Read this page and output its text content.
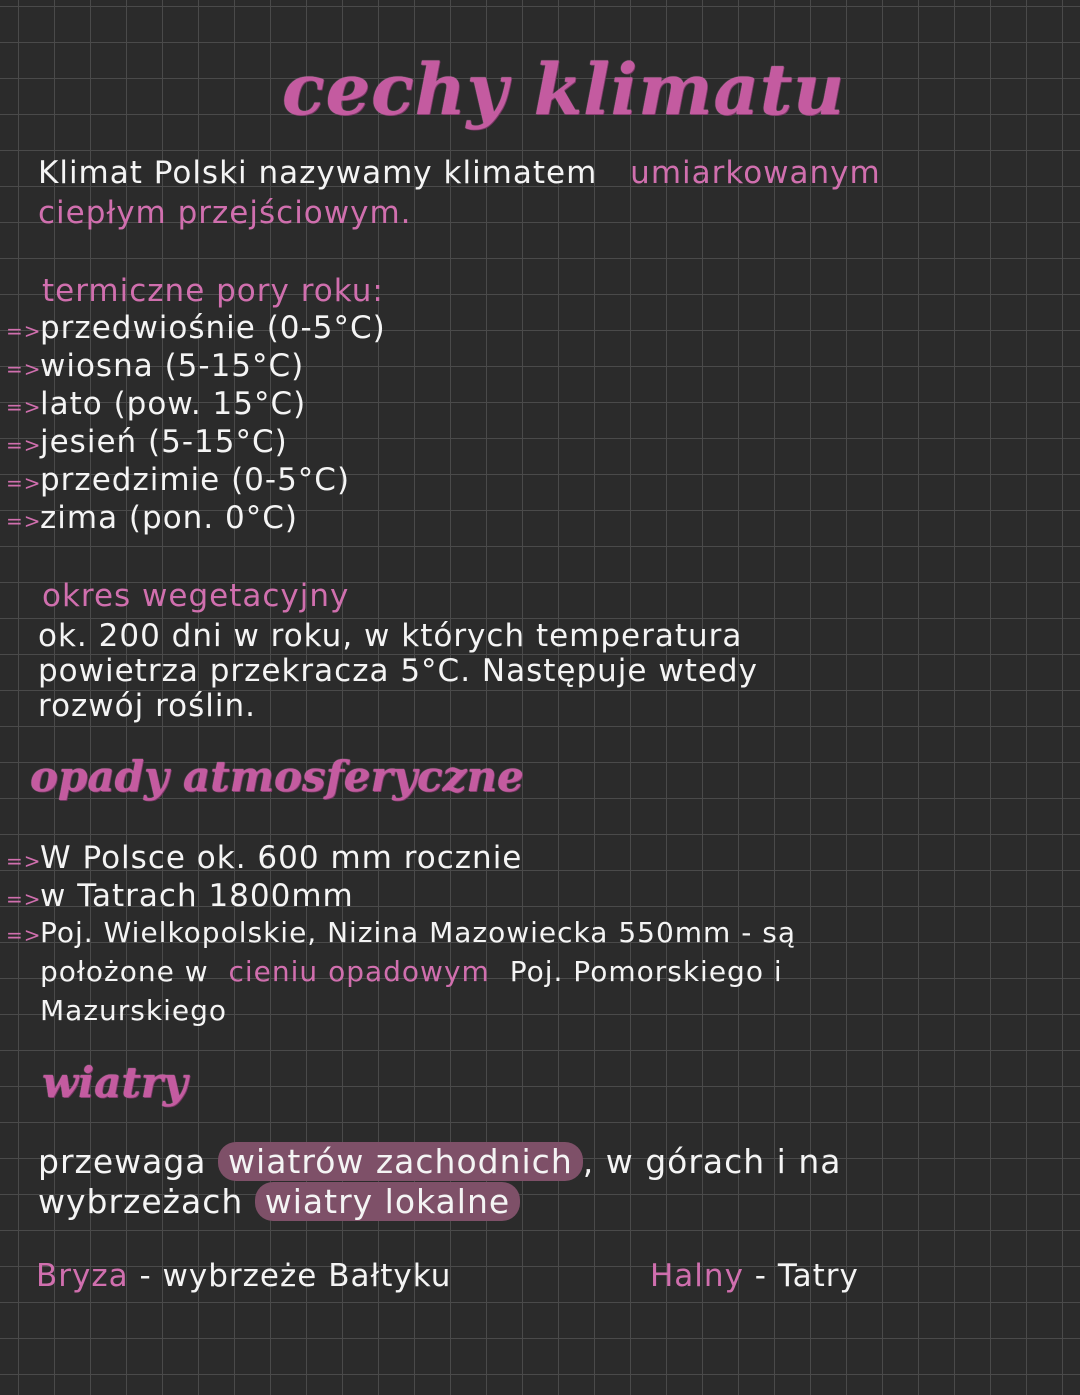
cechy klimatu
Klimat Polski nazywamy klimatem umiarkowanym
ciepłym przejściowym.
termiczne pory roku:
=>przedwiośnie (0-5°C)
=>wiosna (5-15°C)
=>lato (pow. 15°C)
=>jesień (5-15°C)
=>przedzimie (0-5°C)
=>zima (pon. 0°C)
okres wegetacyjny
ok. 200 dni w roku, w których temperatura
powietrza przekracza 5°C. Następuje wtedy
rozwój roślin.
opady atmosferyczne
=>W Polsce ok. 600 mm rocznie
=>w Tatrach 1800mm
=>Poj. Wielkopolskie, Nizina Mazowiecka 550mm - są
położone w cieniu opadowym Poj. Pomorskiego i
Mazurskiego
wiatry
przewaga wiatrów zachodnich , w górach i na
wybrzeżach wiatry lokalne
Bryza - wybrzeże Bałtyku	Halny - Tatry
